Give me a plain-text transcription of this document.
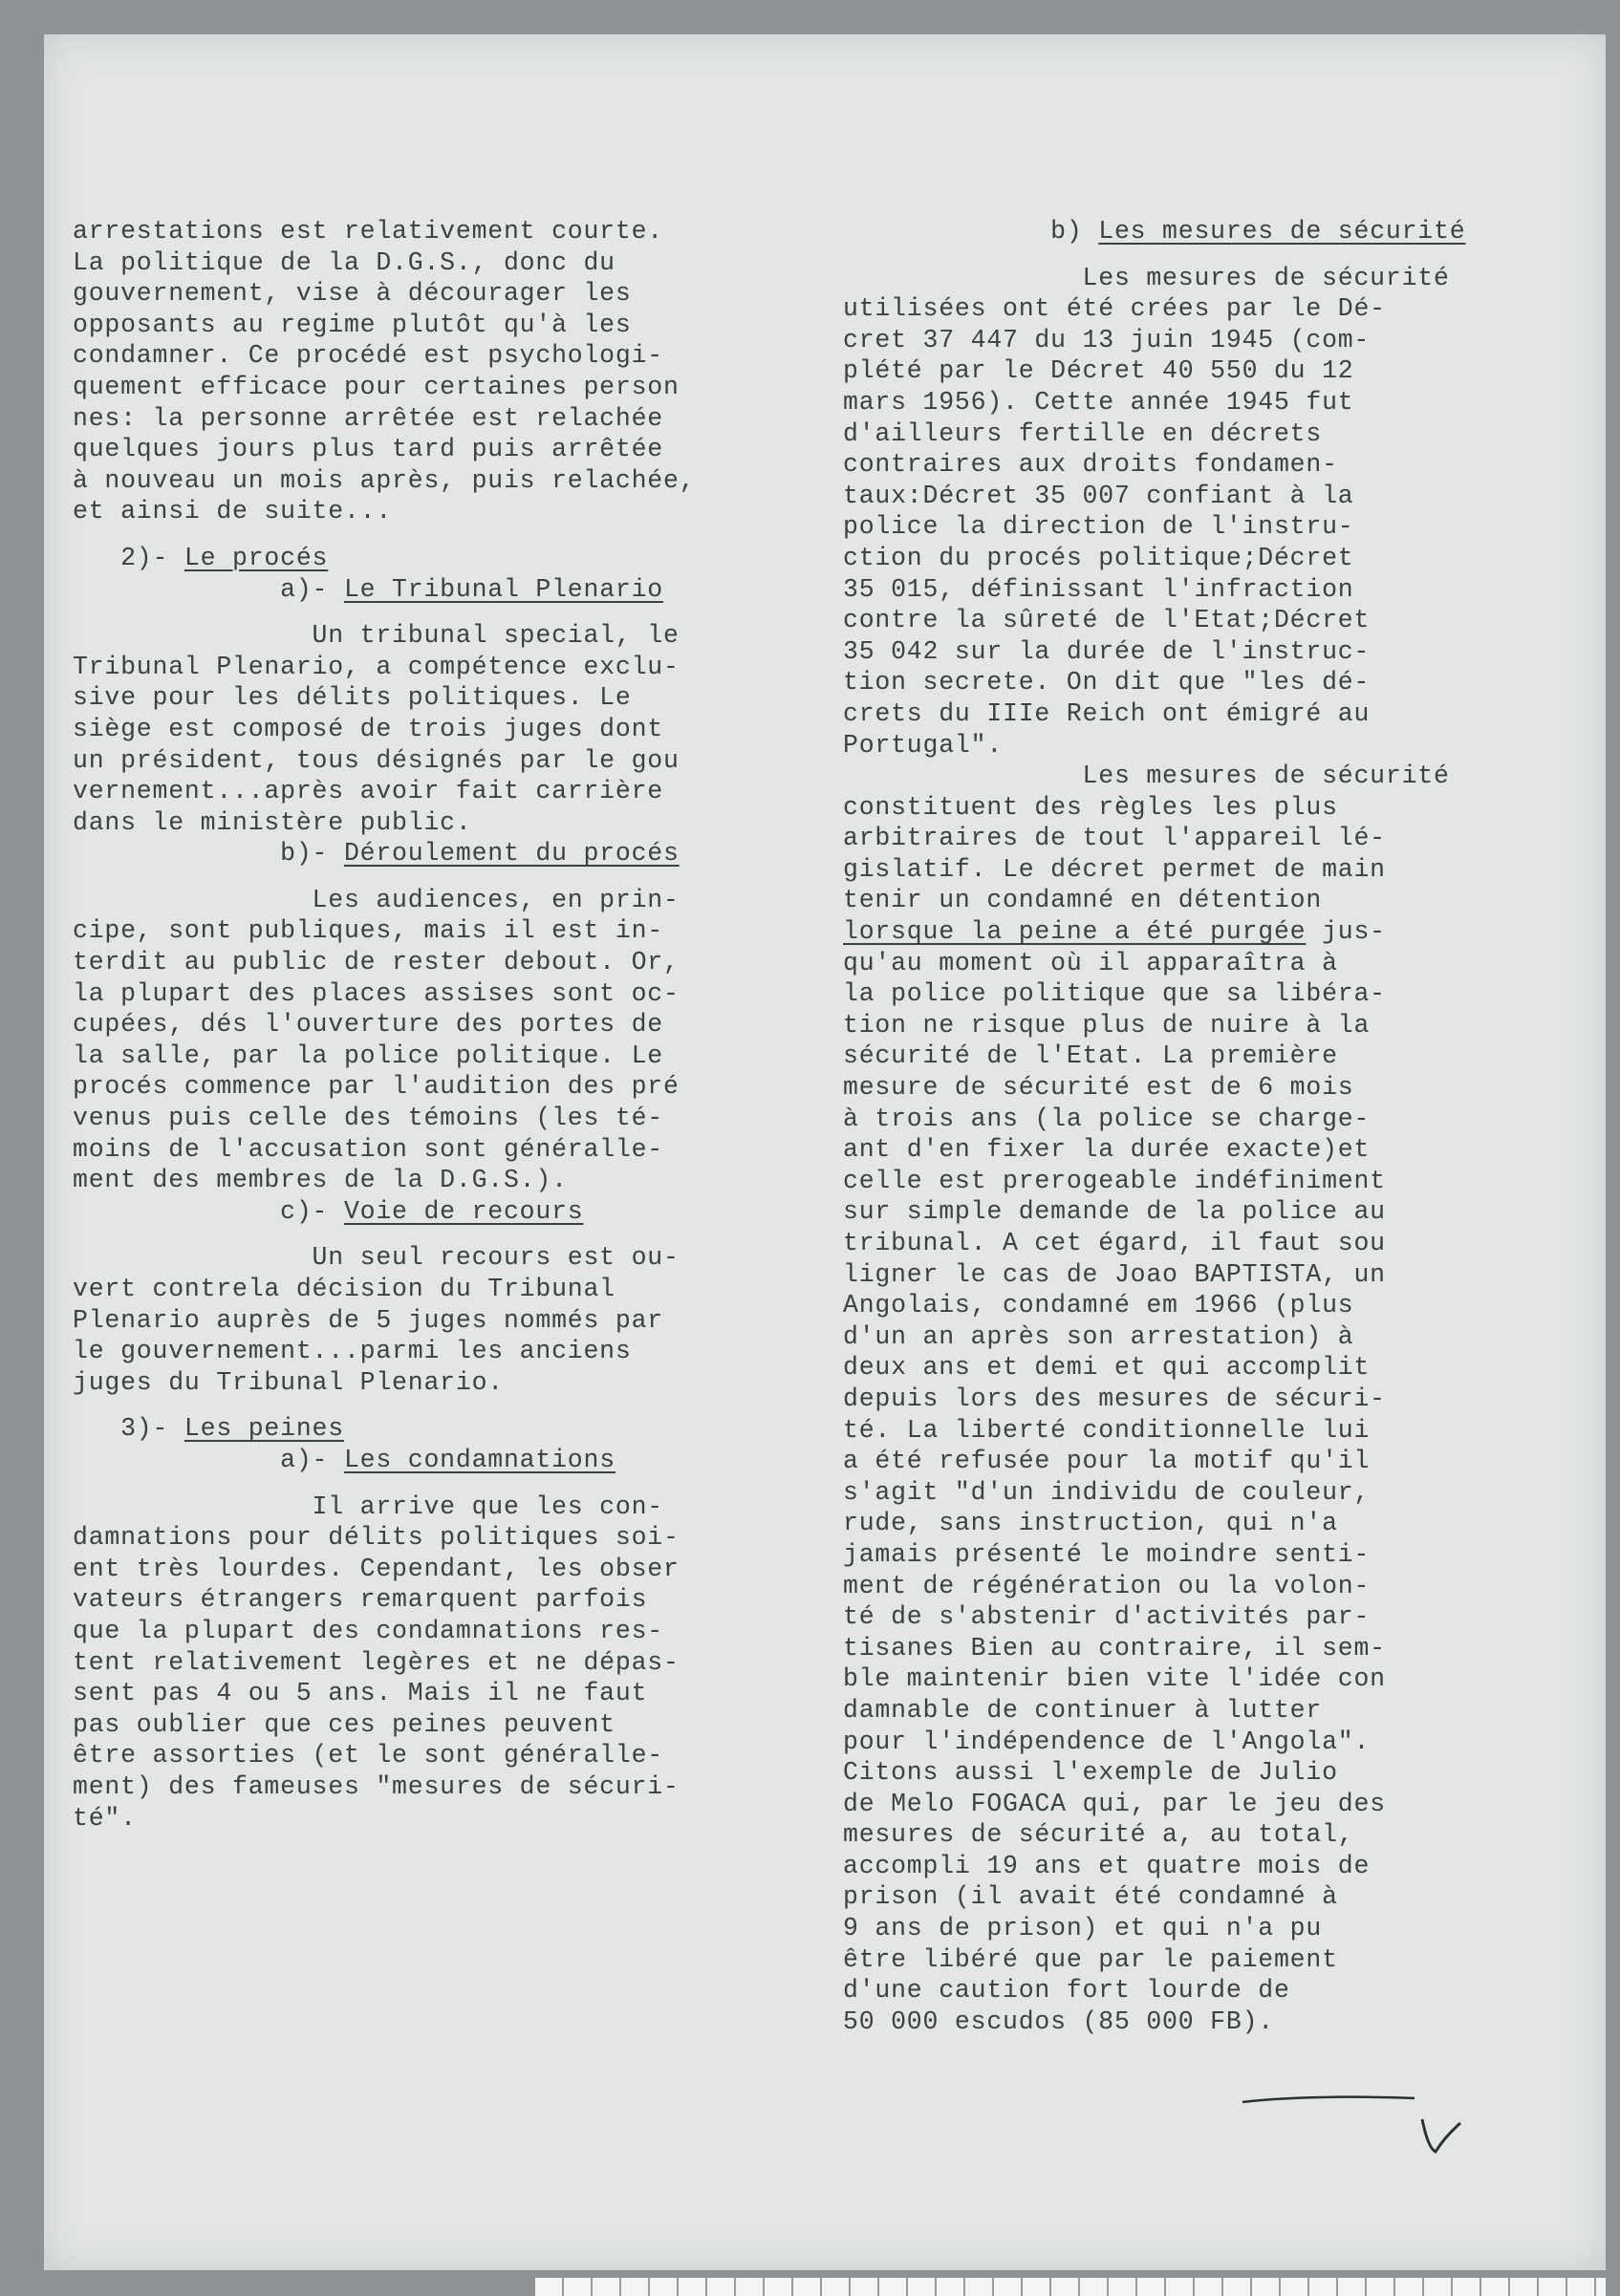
arrestations est relativement courte.
La politique de la D.G.S., donc du
gouvernement, vise à décourager les
opposants au regime plutôt qu'à les
condamner. Ce procédé est psychologi-
quement efficace pour certaines person
nes: la personne arrêtée est relachée
quelques jours plus tard puis arrêtée
à nouveau un mois après, puis relachée,
et ainsi de suite...
2)- Le procés
a)- Le Tribunal Plenario
Un tribunal special, le
Tribunal Plenario, a compétence exclu-
sive pour les délits politiques. Le
siège est composé de trois juges dont
un président, tous désignés par le gou
vernement...après avoir fait carrière
dans le ministère public.
b)- Déroulement du procés
Les audiences, en prin-
cipe, sont publiques, mais il est in-
terdit au public de rester debout. Or,
la plupart des places assises sont oc-
cupées, dés l'ouverture des portes de
la salle, par la police politique. Le
procés commence par l'audition des pré
venus puis celle des témoins (les té-
moins de l'accusation sont généralle-
ment des membres de la D.G.S.).
c)- Voie de recours
Un seul recours est ou-
vert contrela décision du Tribunal
Plenario auprès de 5 juges nommés par
le gouvernement...parmi les anciens
juges du Tribunal Plenario.
3)- Les peines
a)- Les condamnations
Il arrive que les con-
damnations pour délits politiques soi-
ent très lourdes. Cependant, les obser
vateurs étrangers remarquent parfois
que la plupart des condamnations res-
tent relativement legères et ne dépas-
sent pas 4 ou 5 ans. Mais il ne faut
pas oublier que ces peines peuvent
être assorties (et le sont généralle-
ment) des fameuses "mesures de sécuri-
té".
b) Les mesures de sécurité
Les mesures de sécurité
utilisées ont été crées par le Dé-
cret 37 447 du 13 juin 1945 (com-
plété par le Décret 40 550 du 12
mars 1956). Cette année 1945 fut
d'ailleurs fertille en décrets
contraires aux droits fondamen-
taux:Décret 35 007 confiant à la
police la direction de l'instru-
ction du procés politique;Décret
35 015, définissant l'infraction
contre la sûreté de l'Etat;Décret
35 042 sur la durée de l'instruc-
tion secrete. On dit que "les dé-
crets du IIIe Reich ont émigré au
Portugal".
Les mesures de sécurité
constituent des règles les plus
arbitraires de tout l'appareil lé-
gislatif. Le décret permet de main
tenir un condamné en détention
lorsque la peine a été purgée jus-
qu'au moment où il apparaîtra à
la police politique que sa libéra-
tion ne risque plus de nuire à la
sécurité de l'Etat. La première
mesure de sécurité est de 6 mois
à trois ans (la police se charge-
ant d'en fixer la durée exacte)et
celle est prerogeable indéfiniment
sur simple demande de la police au
tribunal. A cet égard, il faut sou
ligner le cas de Joao BAPTISTA, un
Angolais, condamné em 1966 (plus
d'un an après son arrestation) à
deux ans et demi et qui accomplit
depuis lors des mesures de sécuri-
té. La liberté conditionnelle lui
a été refusée pour la motif qu'il
s'agit "d'un individu de couleur,
rude, sans instruction, qui n'a
jamais présenté le moindre senti-
ment de régénération ou la volon-
té de s'abstenir d'activités par-
tisanes Bien au contraire, il sem-
ble maintenir bien vite l'idée con
damnable de continuer à lutter
pour l'indépendence de l'Angola".
Citons aussi l'exemple de Julio
de Melo FOGACA qui, par le jeu des
mesures de sécurité a, au total,
accompli 19 ans et quatre mois de
prison (il avait été condamné à
9 ans de prison) et qui n'a pu
être libéré que par le paiement
d'une caution fort lourde de
50 000 escudos (85 000 FB).
